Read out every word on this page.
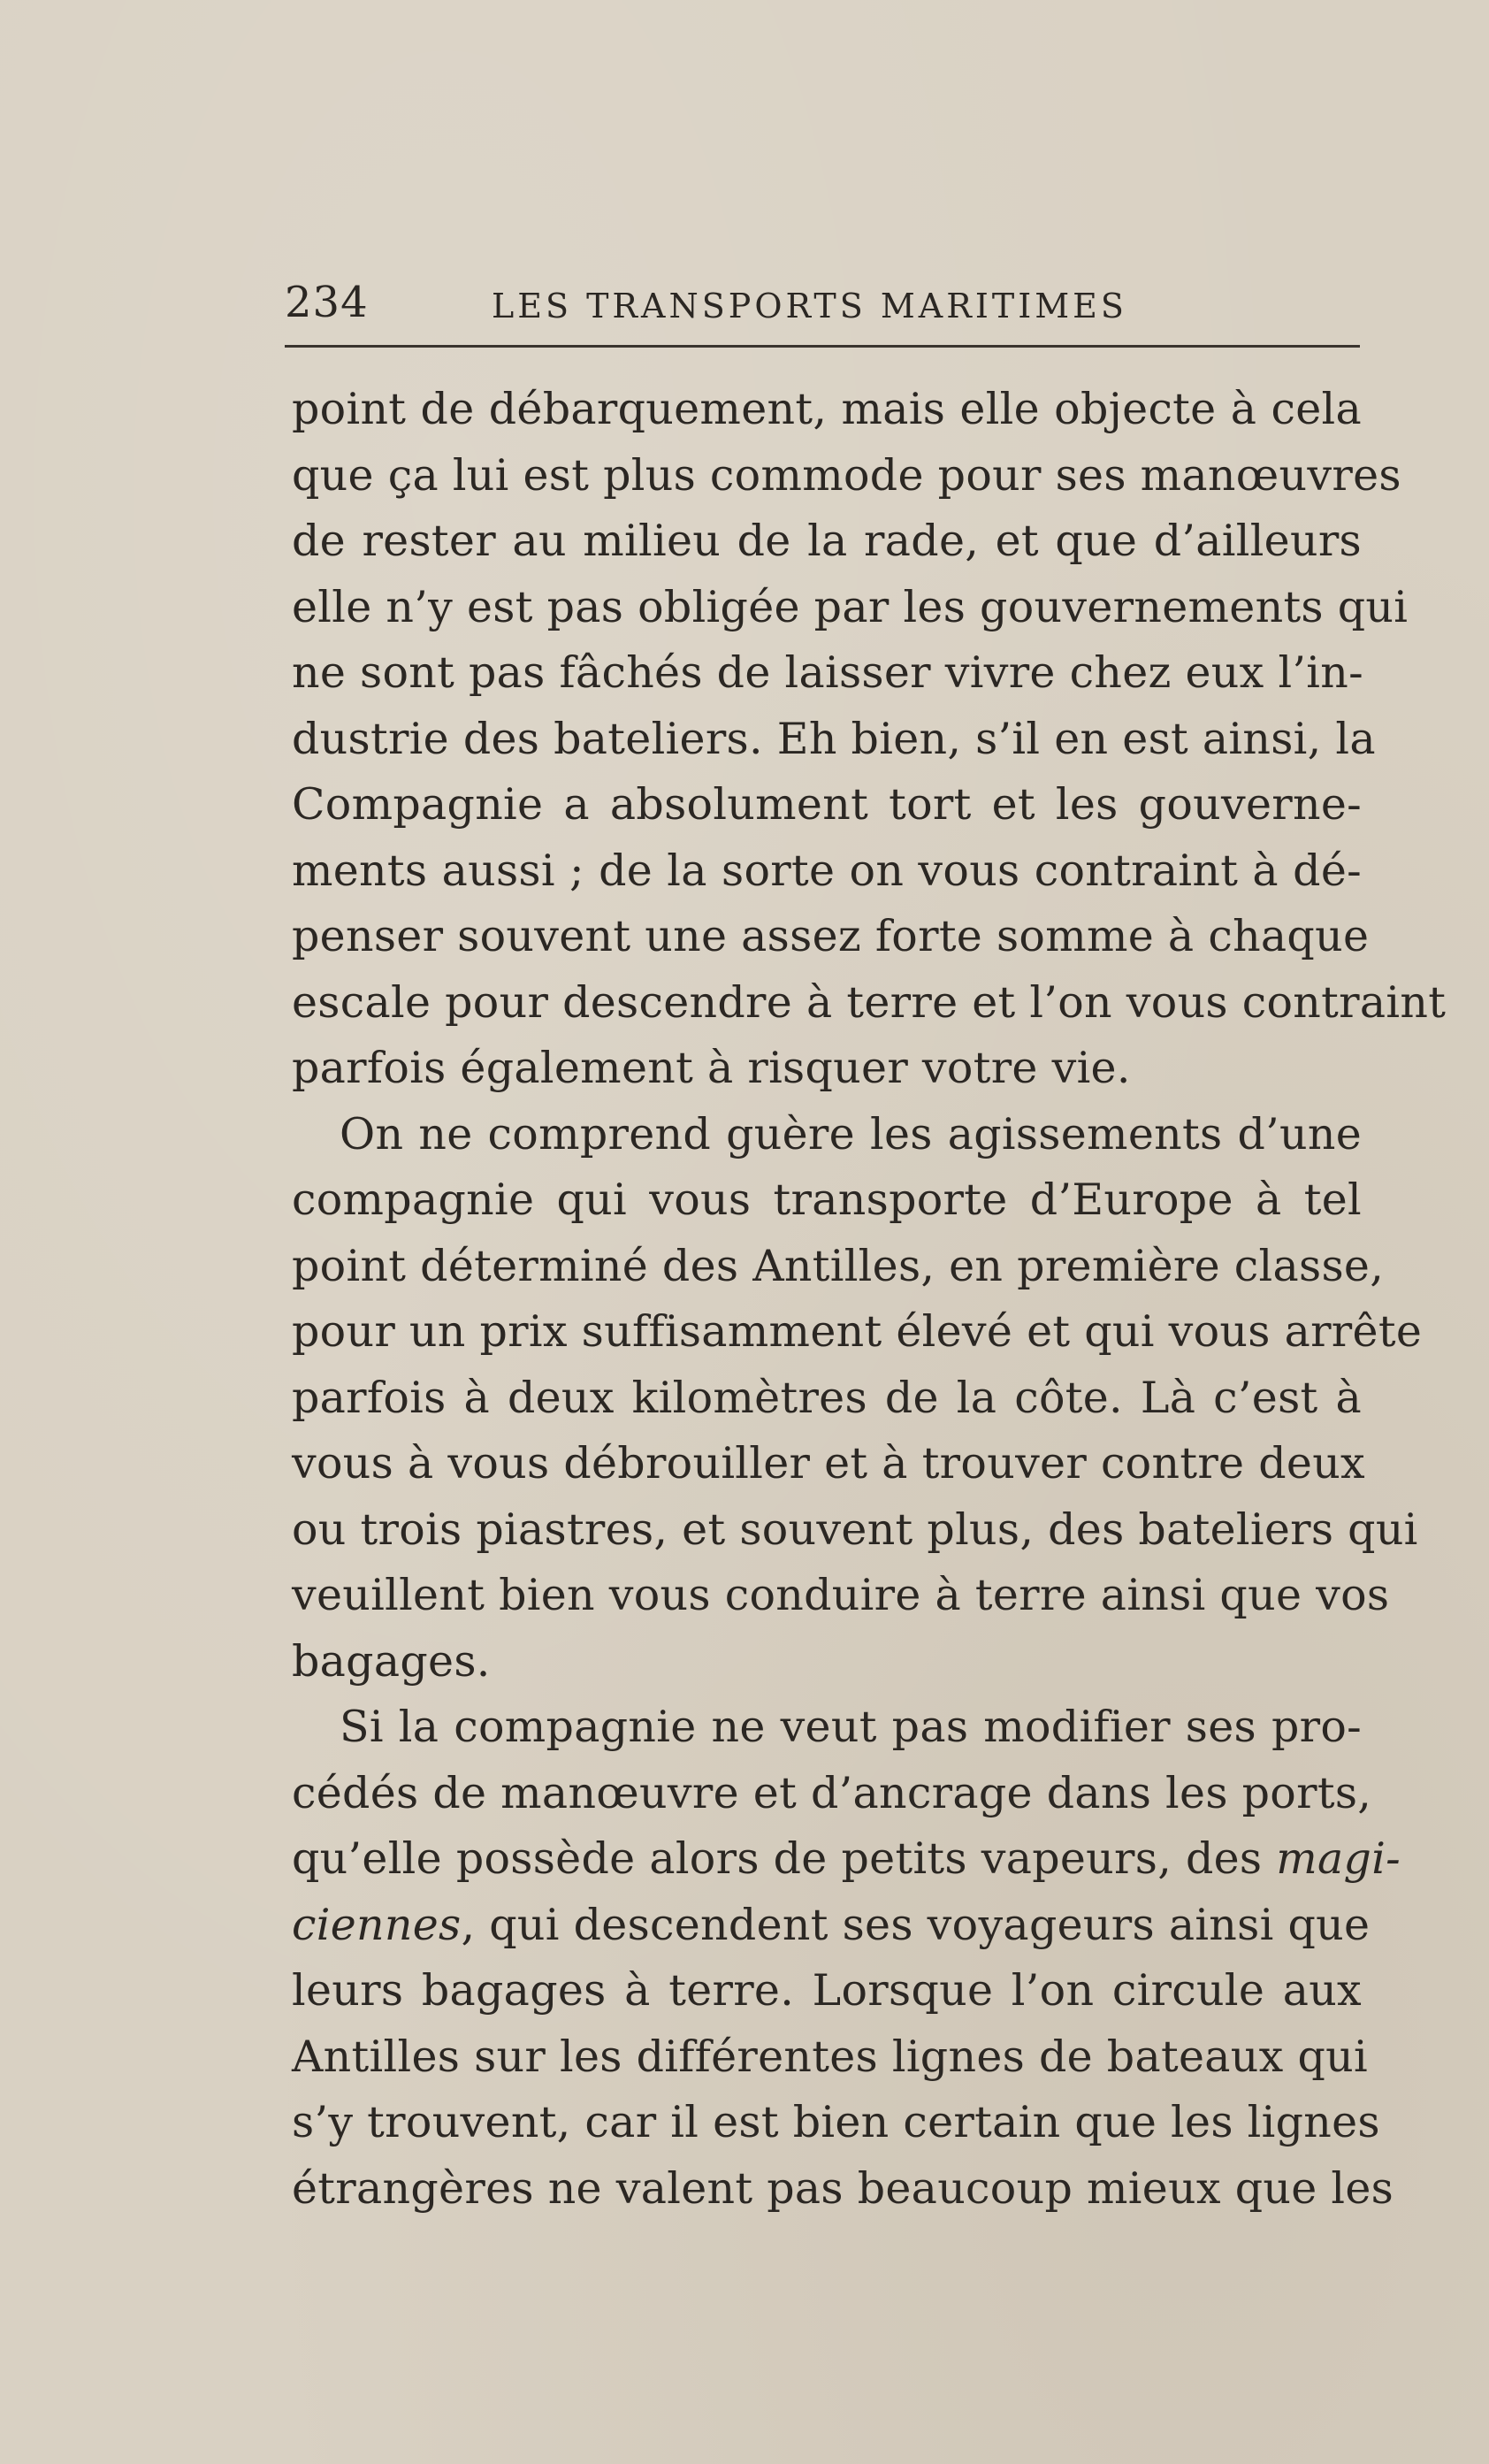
234	LES TRANSPORTS MARITIMES
point de débarquement, mais elle objecte à cela
que ça lui est plus commode pour ses manœuvres
de rester au milieu de la rade, et que d’ailleurs
elle n’y est pas obligée par les gouvernements qui
ne sont pas fâchés de laisser vivre chez eux l’in-
dustrie des bateliers. Eh bien, s’il en est ainsi, la
Compagnie a absolument tort et les gouverne-
ments aussi ; de la sorte on vous contraint à dé-
penser souvent une assez forte somme à chaque
escale pour descendre à terre et l’on vous contraint
parfois également à risquer votre vie.
On ne comprend guère les agissements d’une
compagnie qui vous transporte d’Europe à tel
point déterminé des Antilles, en première classe,
pour un prix suffisamment élevé et qui vous arrête
parfois à deux kilomètres de la côte. Là c’est à
vous à vous débrouiller et à trouver contre deux
ou trois piastres, et souvent plus, des bateliers qui
veuillent bien vous conduire à terre ainsi que vos
bagages.
Si la compagnie ne veut pas modifier ses pro-
cédés de manœuvre et d’ancrage dans les ports,
qu’elle possède alors de petits vapeurs, des magi-
ciennes, qui descendent ses voyageurs ainsi que
leurs bagages à terre. Lorsque l’on circule aux
Antilles sur les différentes lignes de bateaux qui
s’y trouvent, car il est bien certain que les lignes
étrangères ne valent pas beaucoup mieux que les
